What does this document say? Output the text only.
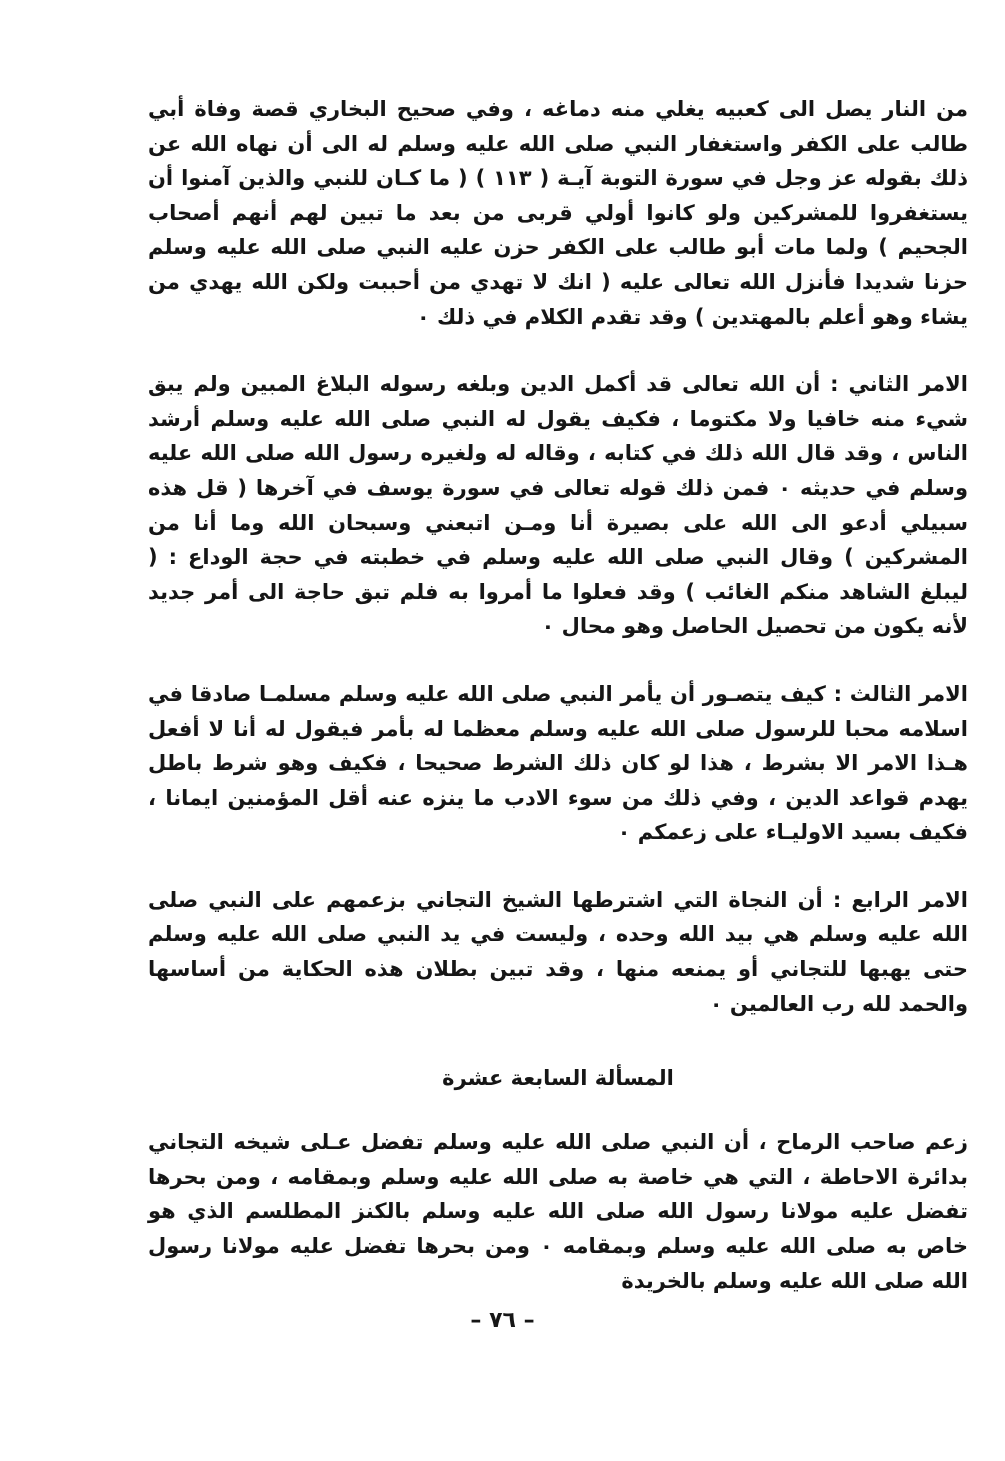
من النار يصل الى كعبيه يغلي منه دماغه ، وفي صحيح البخاري قصة وفاة أبي طالب على الكفر واستغفار النبي صلى الله عليه وسلم له الى أن نهاه الله عن ذلك بقوله عز وجل في سورة التوبة آيـة ( ١١٣ ) ( ما كـان للنبي والذين آمنوا أن يستغفروا للمشركين ولو كانوا أولي قربى من بعد ما تبين لهم أنهم أصحاب الجحيم ) ولما مات أبو طالب على الكفر حزن عليه النبي صلى الله عليه وسلم حزنا شديدا فأنزل الله تعالى عليه ( انك لا تهدي من أحببت ولكن الله يهدي من يشاء وهو أعلم بالمهتدين ) وقد تقدم الكلام في ذلك ٠

الامر الثاني : أن الله تعالى قد أكمل الدين وبلغه رسوله البلاغ المبين ولم يبق شيء منه خافيا ولا مكتوما ، فكيف يقول له النبي صلى الله عليه وسلم أرشد الناس ، وقد قال الله ذلك في كتابه ، وقاله له ولغيره رسول الله صلى الله عليه وسلم في حديثه ٠ فمن ذلك قوله تعالى في سورة يوسف في آخرها ( قل هذه سبيلي أدعو الى الله على بصيرة أنا ومـن اتبعني وسبحان الله وما أنا من المشركين ) وقال النبي صلى الله عليه وسلم في خطبته في حجة الوداع : ( ليبلغ الشاهد منكم الغائب ) وقد فعلوا ما أمروا به فلم تبق حاجة الى أمر جديد لأنه يكون من تحصيل الحاصل وهو محال ٠

الامر الثالث : كيف يتصـور أن يأمر النبي صلى الله عليه وسلم مسلمـا صادقا في اسلامه محبا للرسول صلى الله عليه وسلم معظما له بأمر فيقول له أنا لا أفعل هـذا الامر الا بشرط ، هذا لو كان ذلك الشرط صحيحا ، فكيف وهو شرط باطل يهدم قواعد الدين ، وفي ذلك من سوء الادب ما ينزه عنه أقل المؤمنين ايمانا ، فكيف بسيد الاوليـاء على زعمكم ٠

الامر الرابع : أن النجاة التي اشترطها الشيخ التجاني بزعمهم على النبي صلى الله عليه وسلم هي بيد الله وحده ، وليست في يد النبي صلى الله عليه وسلم حتى يهبها للتجاني أو يمنعه منها ، وقد تبين بطلان هذه الحكاية من أساسها والحمد لله رب العالمين ٠

المسألة السابعة عشرة

زعم صاحب الرماح ، أن النبي صلى الله عليه وسلم تفضل عـلى شيخه التجاني بدائرة الاحاطة ، التي هي خاصة به صلى الله عليه وسلم وبمقامه ، ومن بحرها تفضل عليه مولانا رسول الله صلى الله عليه وسلم بالكنز المطلسم الذي هو خاص به صلى الله عليه وسلم وبمقامه ٠ ومن بحرها تفضل عليه مولانا رسول الله صلى الله عليه وسلم بالخريدة

– ٧٦ –
